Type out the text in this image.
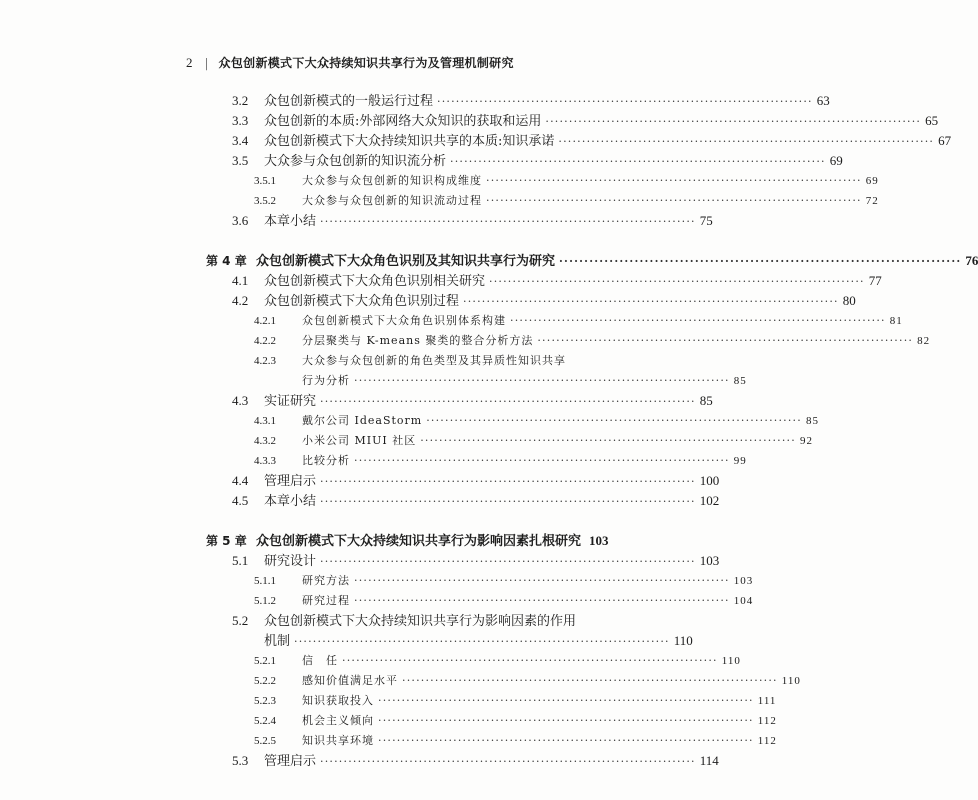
2 | 众包创新模式下大众持续知识共享行为及管理机制研究
3.2	众包创新模式的一般运行过程 ················································································ 63
3.3	众包创新的本质:外部网络大众知识的获取和运用 ················································································ 65
3.4	众包创新模式下大众持续知识共享的本质:知识承诺 ················································································ 67
3.5	大众参与众包创新的知识流分析 ················································································ 69
3.5.1	大众参与众包创新的知识构成维度 ················································································ 69
3.5.2	大众参与众包创新的知识流动过程 ················································································ 72
3.6	本章小结 ················································································ 75
第 4 章 众包创新模式下大众角色识别及其知识共享行为研究 ················································································ 76
4.1	众包创新模式下大众角色识别相关研究 ················································································ 77
4.2	众包创新模式下大众角色识别过程 ················································································ 80
4.2.1	众包创新模式下大众角色识别体系构建 ················································································ 81
4.2.2	分层聚类与 K-means 聚类的整合分析方法 ················································································ 82
4.2.3	大众参与众包创新的角色类型及其异质性知识共享
行为分析 ················································································ 85
4.3	实证研究 ················································································ 85
4.3.1	戴尔公司 IdeaStorm ················································································ 85
4.3.2	小米公司 MIUI 社区 ················································································ 92
4.3.3	比较分析 ················································································ 99
4.4	管理启示 ················································································ 100
4.5	本章小结 ················································································ 102
第 5 章 众包创新模式下大众持续知识共享行为影响因素扎根研究 103
5.1	研究设计 ················································································ 103
5.1.1	研究方法 ················································································ 103
5.1.2	研究过程 ················································································ 104
5.2	众包创新模式下大众持续知识共享行为影响因素的作用
机制 ················································································ 110
5.2.1	信　任 ················································································ 110
5.2.2	感知价值满足水平 ················································································ 110
5.2.3	知识获取投入 ················································································ 111
5.2.4	机会主义倾向 ················································································ 112
5.2.5	知识共享环境 ················································································ 112
5.3	管理启示 ················································································ 114
